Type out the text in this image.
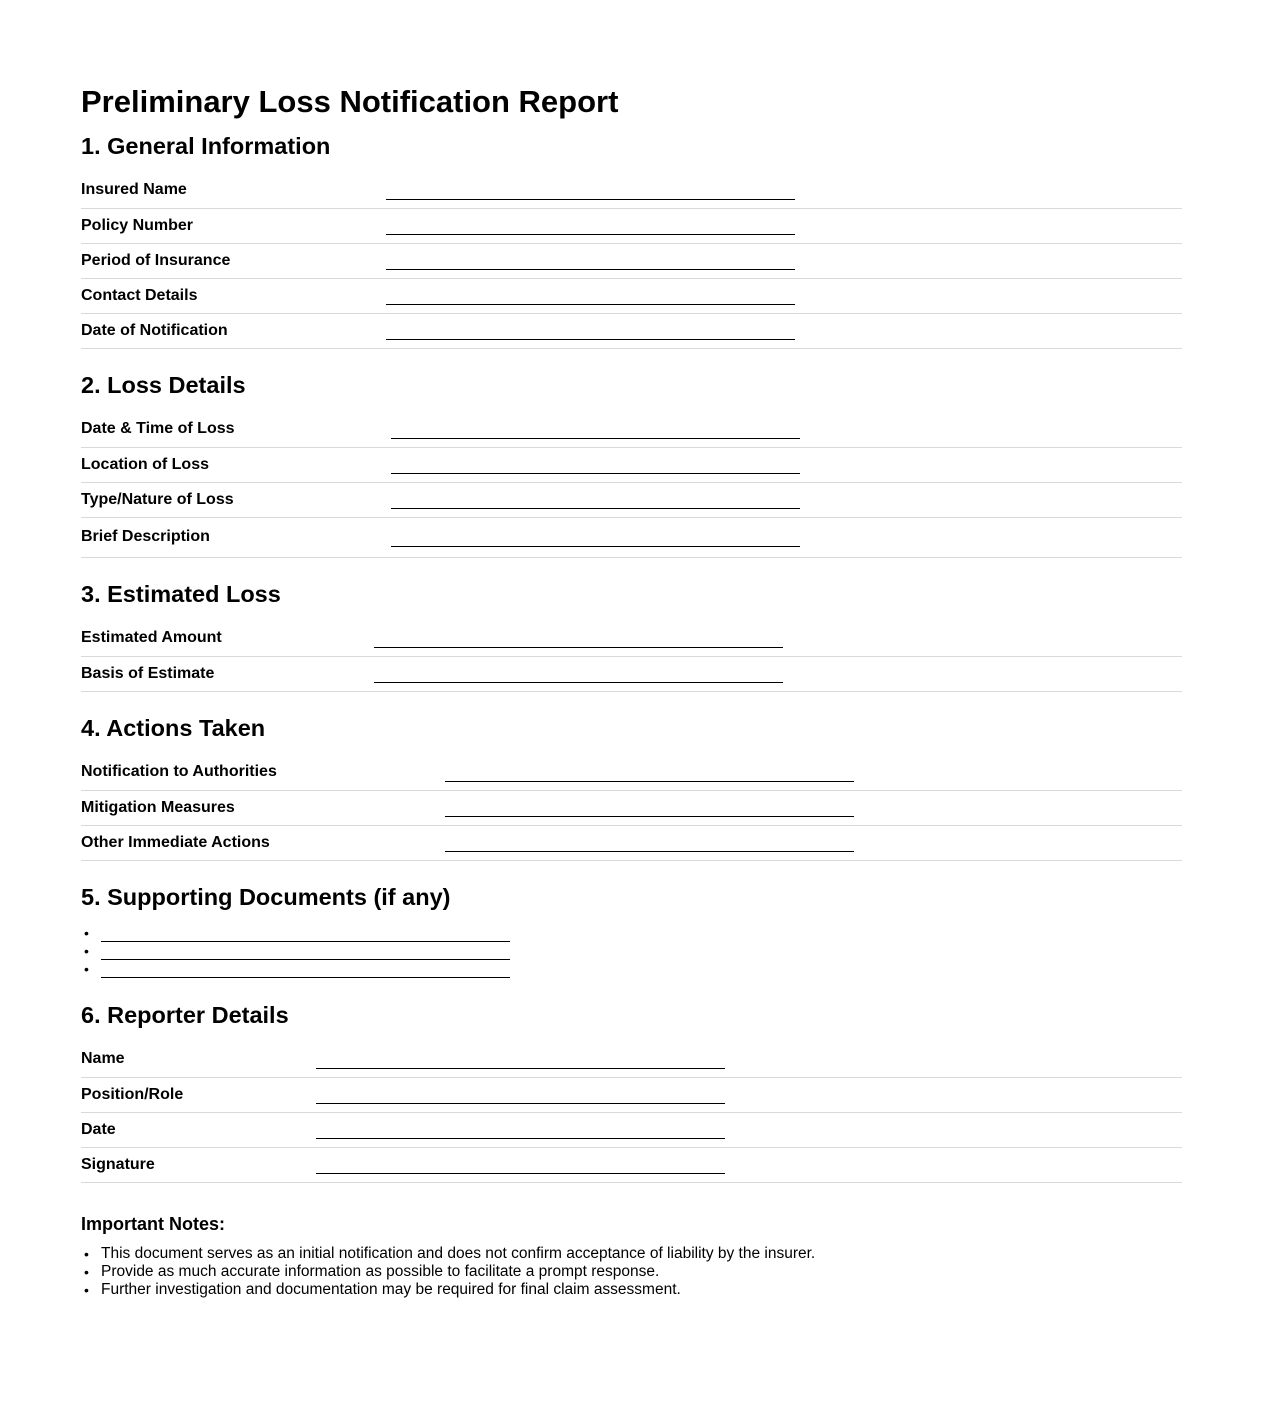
Preliminary Loss Notification Report
1. General Information
Insured Name	

Policy Number	

Period of Insurance	

Contact Details	

Date of Notification	
2. Loss Details
Date & Time of Loss	

Location of Loss	

Type/Nature of Loss	

Brief Description	
3. Estimated Loss
Estimated Amount	

Basis of Estimate	
4. Actions Taken
Notification to Authorities	

Mitigation Measures	

Other Immediate Actions	
5. Supporting Documents (if any)
•
•
•
6. Reporter Details
Name	

Position/Role	

Date	

Signature	
Important Notes:
• This document serves as an initial notification and does not confirm acceptance of liability by the insurer.
• Provide as much accurate information as possible to facilitate a prompt response.
• Further investigation and documentation may be required for final claim assessment.
